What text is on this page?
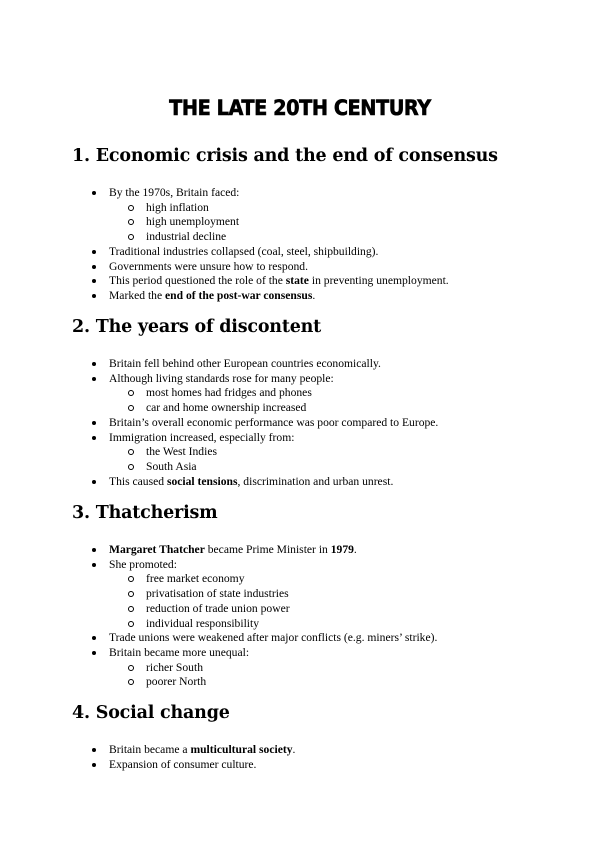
THE LATE 20TH CENTURY
1. Economic crisis and the end of consensus
By the 1970s, Britain faced:
high inflation
high unemployment
industrial decline
Traditional industries collapsed (coal, steel, shipbuilding).
Governments were unsure how to respond.
This period questioned the role of the state in preventing unemployment.
Marked the end of the post-war consensus.
2. The years of discontent
Britain fell behind other European countries economically.
Although living standards rose for many people:
most homes had fridges and phones
car and home ownership increased
Britain’s overall economic performance was poor compared to Europe.
Immigration increased, especially from:
the West Indies
South Asia
This caused social tensions, discrimination and urban unrest.
3. Thatcherism
Margaret Thatcher became Prime Minister in 1979.
She promoted:
free market economy
privatisation of state industries
reduction of trade union power
individual responsibility
Trade unions were weakened after major conflicts (e.g. miners’ strike).
Britain became more unequal:
richer South
poorer North
4. Social change
Britain became a multicultural society.
Expansion of consumer culture.
